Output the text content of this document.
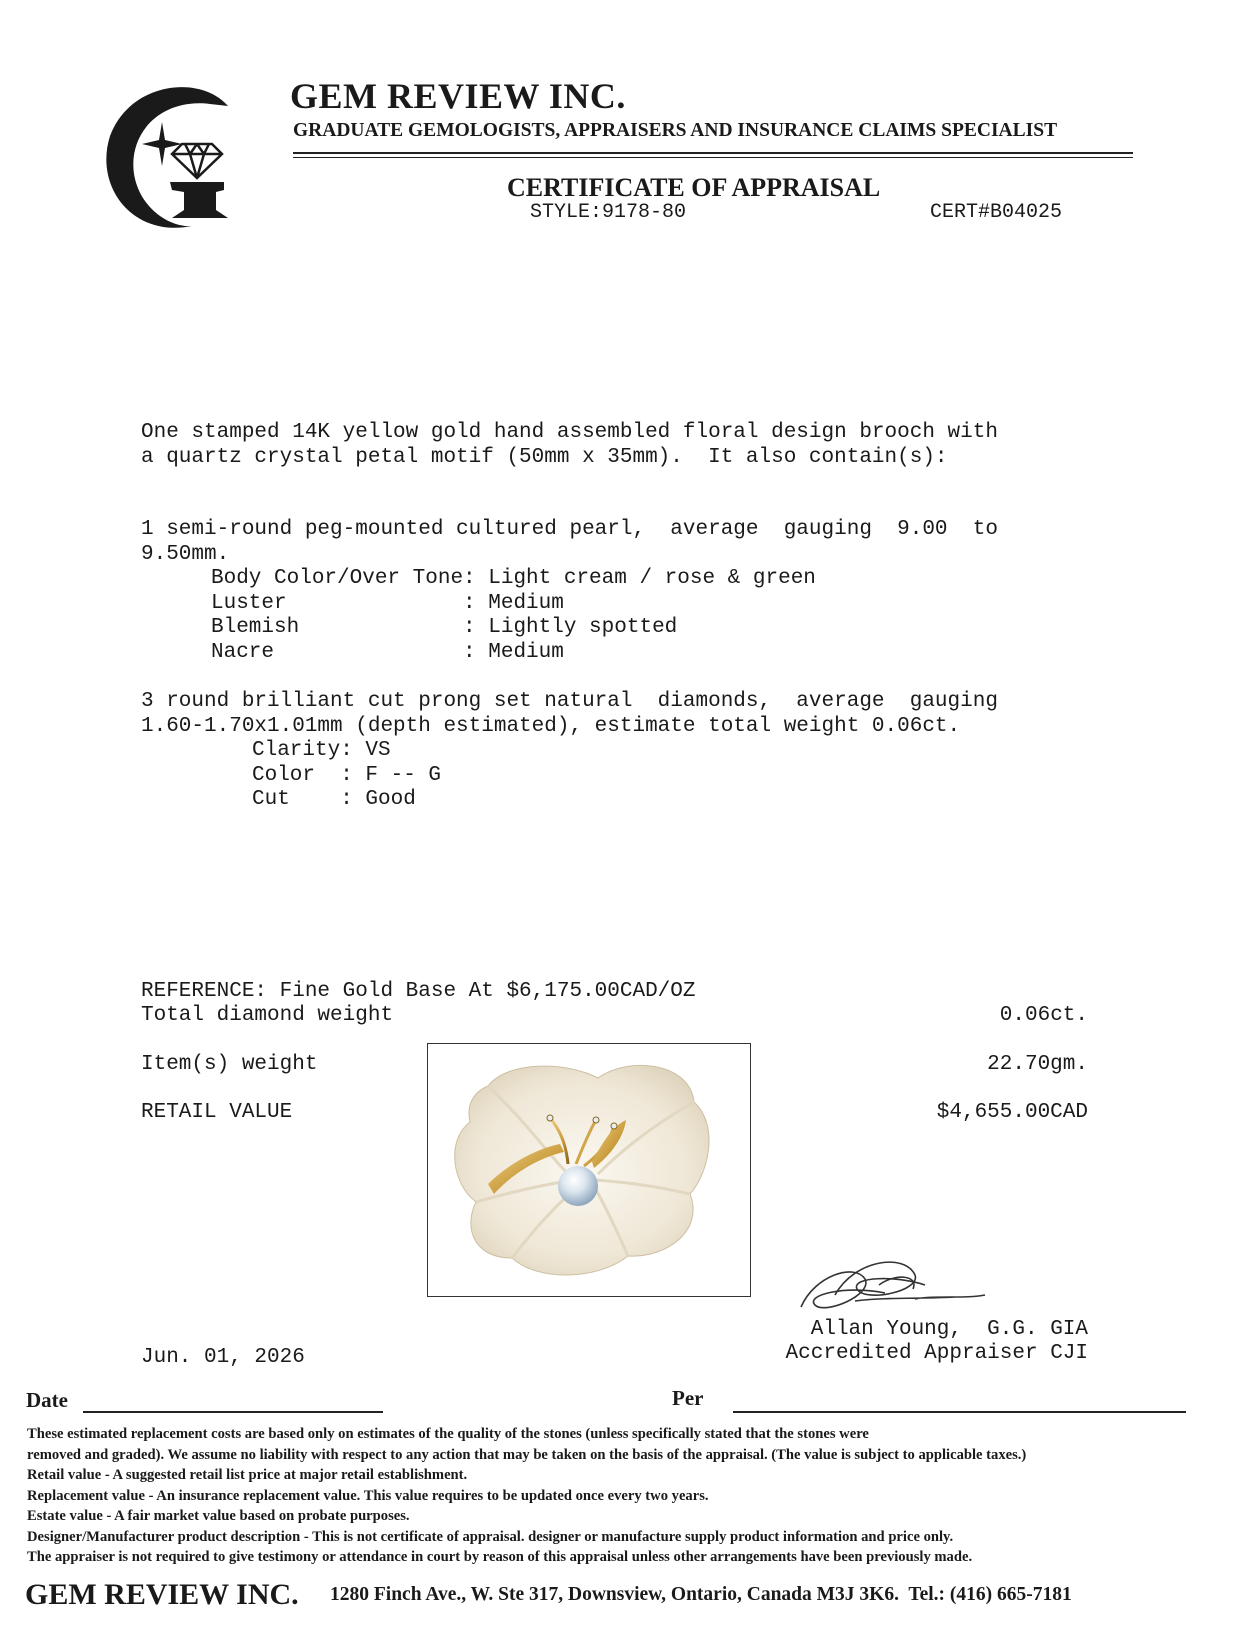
GEM REVIEW INC.
GRADUATE GEMOLOGISTS, APPRAISERS AND INSURANCE CLAIMS SPECIALIST
CERTIFICATE OF APPRAISAL
STYLE:9178-80	CERT#B04025
One stamped 14K yellow gold hand assembled floral design brooch with
a quartz crystal petal motif (50mm x 35mm).  It also contain(s):
1 semi-round peg-mounted cultured pearl,  average  gauging  9.00  to
9.50mm.
Body Color/Over Tone: Light cream / rose & green
Luster              : Medium
Blemish             : Lightly spotted
Nacre               : Medium
3 round brilliant cut prong set natural  diamonds,  average  gauging
1.60-1.70x1.01mm (depth estimated), estimate total weight 0.06ct.
Clarity: VS
Color  : F -- G
Cut    : Good
REFERENCE: Fine Gold Base At $6,175.00CAD/OZ
Total diamond weight	0.06ct.
Item(s) weight	22.70gm.
RETAIL VALUE	$4,655.00CAD
Allan Young,  G.G. GIA
Accredited Appraiser CJI
Jun. 01, 2026
Date	Per
These estimated replacement costs are based only on estimates of the quality of the stones (unless specifically stated that the stones were
removed and graded). We assume no liability with respect to any action that may be taken on the basis of the appraisal. (The value is subject to applicable taxes.)
Retail value - A suggested retail list price at major retail establishment.
Replacement value - An insurance replacement value. This value requires to be updated once every two years.
Estate value - A fair market value based on probate purposes.
Designer/Manufacturer product description - This is not certificate of appraisal. designer or manufacture supply product information and price only.
The appraiser is not required to give testimony or attendance in court by reason of this appraisal unless other arrangements have been previously made.
GEM REVIEW INC. 1280 Finch Ave., W. Ste 317, Downsview, Ontario, Canada M3J 3K6.  Tel.: (416) 665-7181
